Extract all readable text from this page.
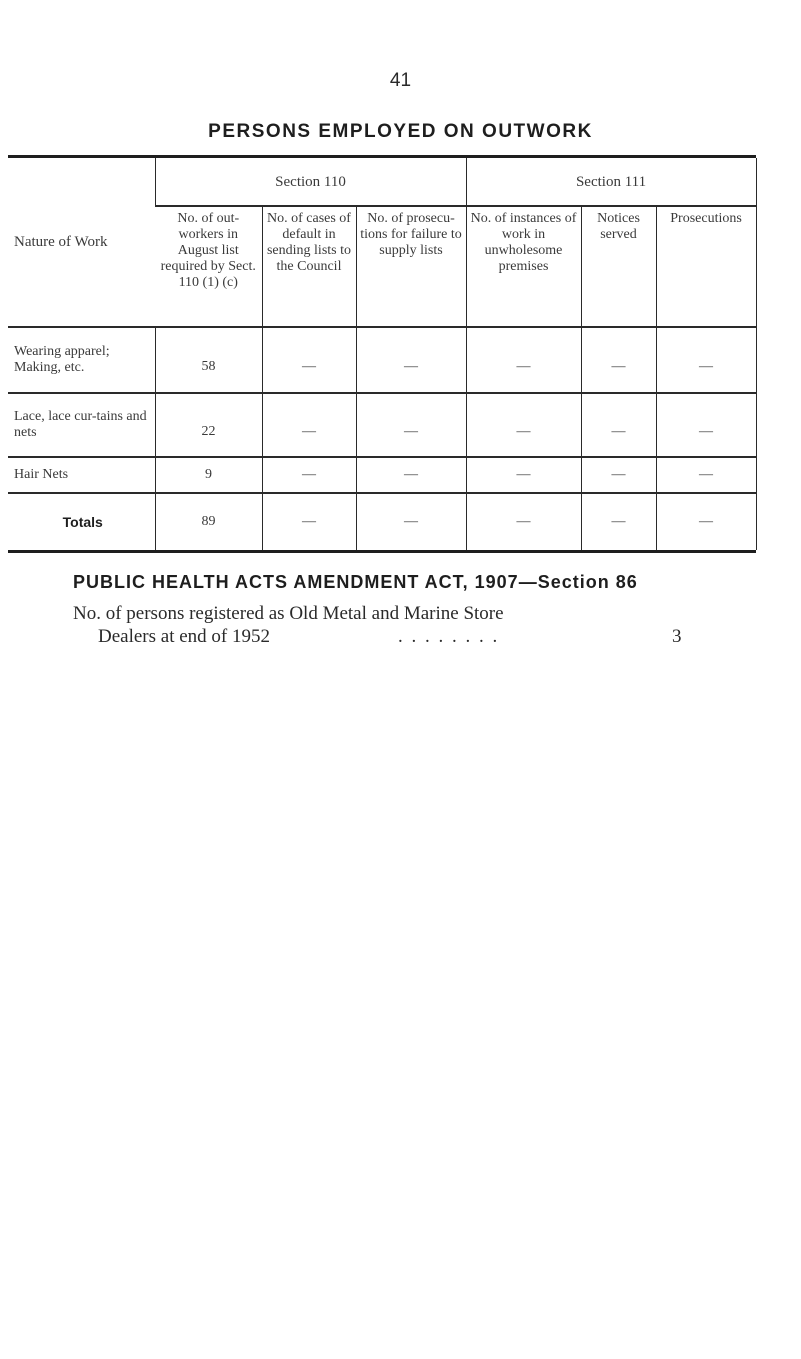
41
PERSONS EMPLOYED ON OUTWORK
Nature of Work	Section 110			Section 111		
	No. of out-workers in August list required by Sect. 110 (1) (c)	No. of cases of default in sending lists to the Council	No. of prosecu-tions for failure to supply lists	No. of instances of work in unwholesome premises	Notices served	Prosecutions
Wearing apparel; Making, etc.	58	—	—	—	—	—
Lace, lace cur-tains and nets	22	—	—	—	—	—
Hair Nets	9	—	—	—	—	—
Totals	89	—	—	—	—	—
PUBLIC HEALTH ACTS AMENDMENT ACT, 1907—Section 86
No. of persons registered as Old Metal and Marine Store
Dealers at end of 1952	. . . . . . . .	3
